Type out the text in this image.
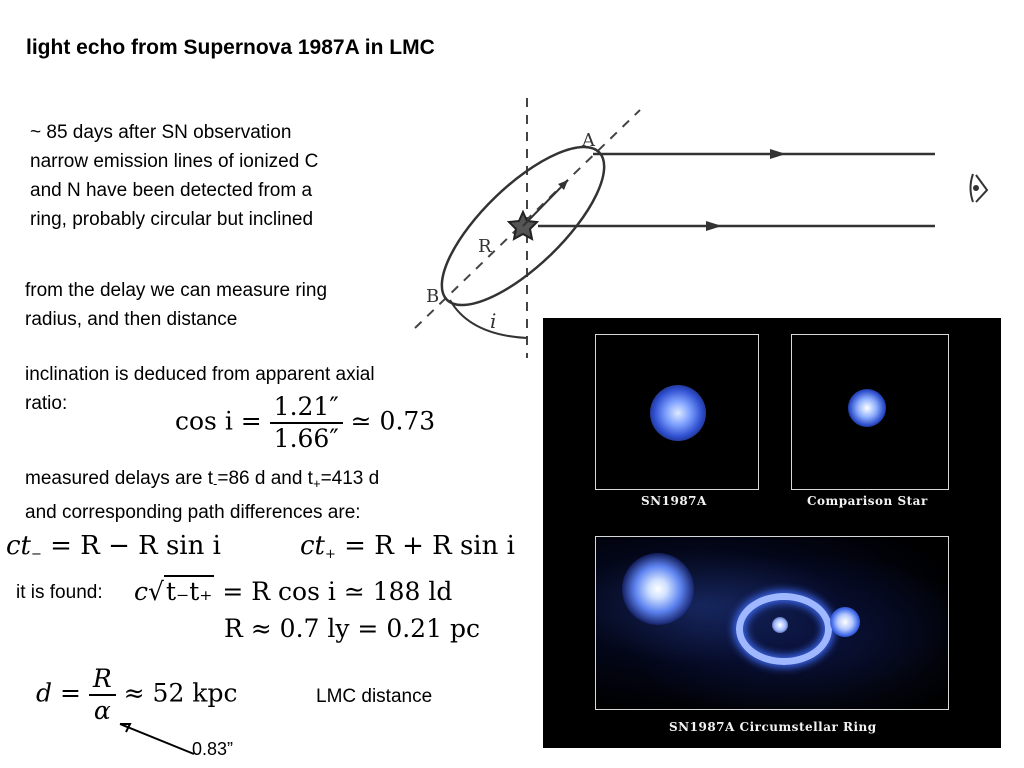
light echo from Supernova 1987A in LMC
~ 85 days after SN observation
narrow emission lines of ionized C
and N have been detected from a
ring, probably circular but inclined
from the delay we can measure ring
radius, and then distance
inclination is deduced from apparent axial
ratio:
$\cos i = \frac{1.21''}{1.66''}$ ≃ 0.73
measured delays are $t_-=86$ d and $t_+=413$ d
and corresponding path differences are:
$ct_- = R - R$ sin i	$ct_+ = R + R$ sin i
it is found: c√t₋t₊ = R cos i ≃ 188 ld
R ≈ 0.7 ly = 0.21 pc
$d = \frac{R}{\alpha} \approx 52$ kpc	LMC distance
0.83”
A
B
R
i
SN1987A	Comparison Star
SN1987A Circumstellar Ring
